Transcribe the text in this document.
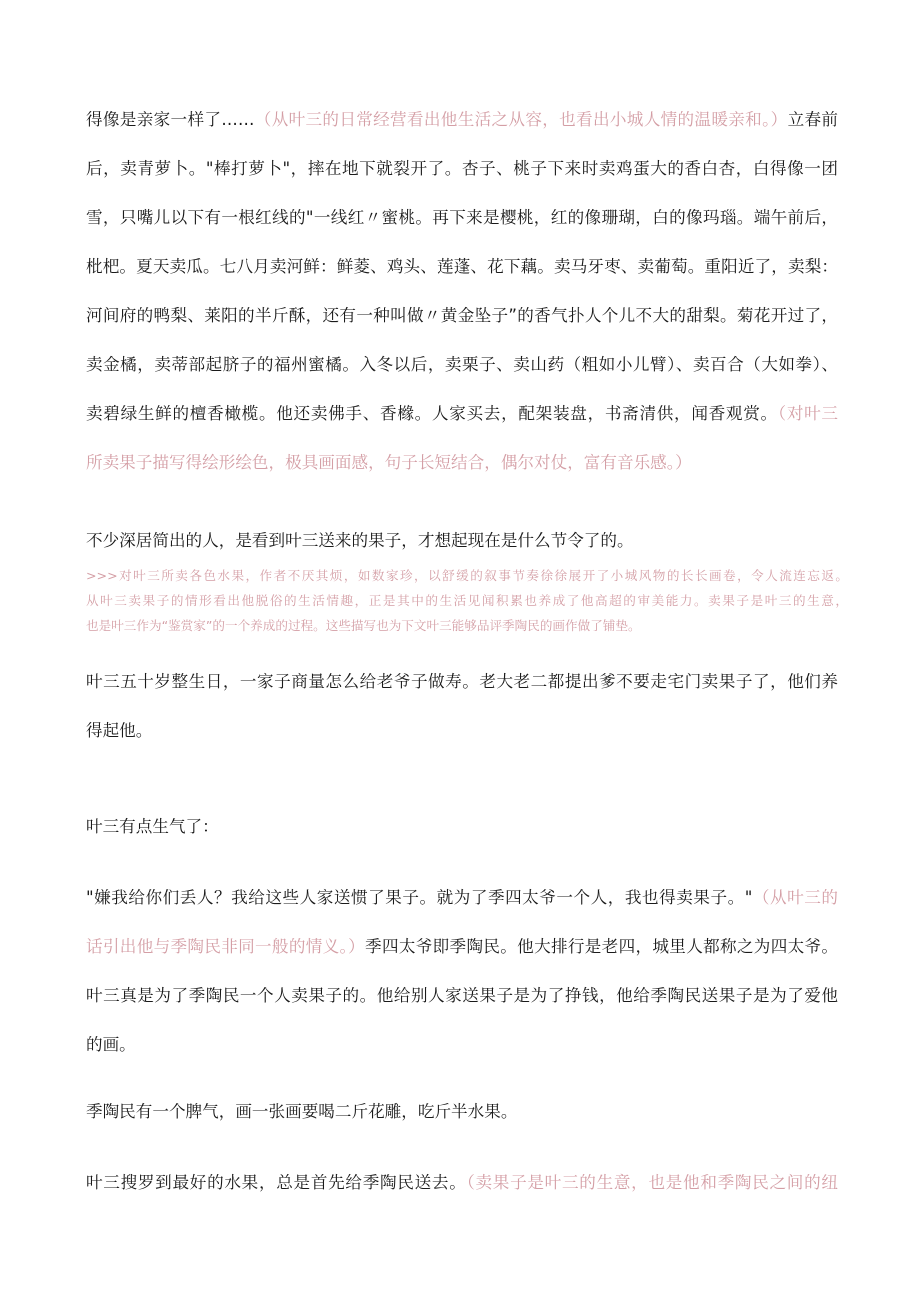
得像是亲家一样了……（从叶三的日常经营看出他生活之从容，也看出小城人情的温暖亲和。）立春前

后，卖青萝卜。"棒打萝卜"，摔在地下就裂开了。杏子、桃子下来时卖鸡蛋大的香白杏，白得像一团

雪，只嘴儿以下有一根红线的"一线红〃蜜桃。再下来是樱桃，红的像珊瑚，白的像玛瑙。端午前后，

枇杷。夏天卖瓜。七八月卖河鲜：鲜菱、鸡头、莲蓬、花下藕。卖马牙枣、卖葡萄。重阳近了，卖梨：

河间府的鸭梨、莱阳的半斤酥，还有一种叫做〃黄金坠子”的香气扑人个儿不大的甜梨。菊花开过了，

卖金橘，卖蒂部起脐子的福州蜜橘。入冬以后，卖栗子、卖山药（粗如小儿臂）、卖百合（大如拳）、

卖碧绿生鲜的檀香橄榄。他还卖佛手、香橼。人家买去，配架装盘，书斋清供，闻香观赏。（对叶三

所卖果子描写得绘形绘色，极具画面感，句子长短结合，偶尔对仗，富有音乐感。）

不少深居简出的人，是看到叶三送来的果子，才想起现在是什么节令了的。

>>>对叶三所卖各色水果，作者不厌其烦，如数家珍，以舒缓的叙事节奏徐徐展开了小城风物的长长画卷，令人流连忘返。

从叶三卖果子的情形看出他脱俗的生活情趣，正是其中的生活见闻积累也养成了他高超的审美能力。卖果子是叶三的生意，

也是叶三作为“鉴赏家”的一个养成的过程。这些描写也为下文叶三能够品评季陶民的画作做了铺垫。

叶三五十岁整生日，一家子商量怎么给老爷子做寿。老大老二都提出爹不要走宅门卖果子了，他们养

得起他。

叶三有点生气了：

"嫌我给你们丢人？我给这些人家送惯了果子。就为了季四太爷一个人，我也得卖果子。"（从叶三的

话引出他与季陶民非同一般的情义。）季四太爷即季陶民。他大排行是老四，城里人都称之为四太爷。

叶三真是为了季陶民一个人卖果子的。他给别人家送果子是为了挣钱，他给季陶民送果子是为了爱他

的画。

季陶民有一个脾气，画一张画要喝二斤花雕，吃斤半水果。

叶三搜罗到最好的水果，总是首先给季陶民送去。（卖果子是叶三的生意，也是他和季陶民之间的纽
